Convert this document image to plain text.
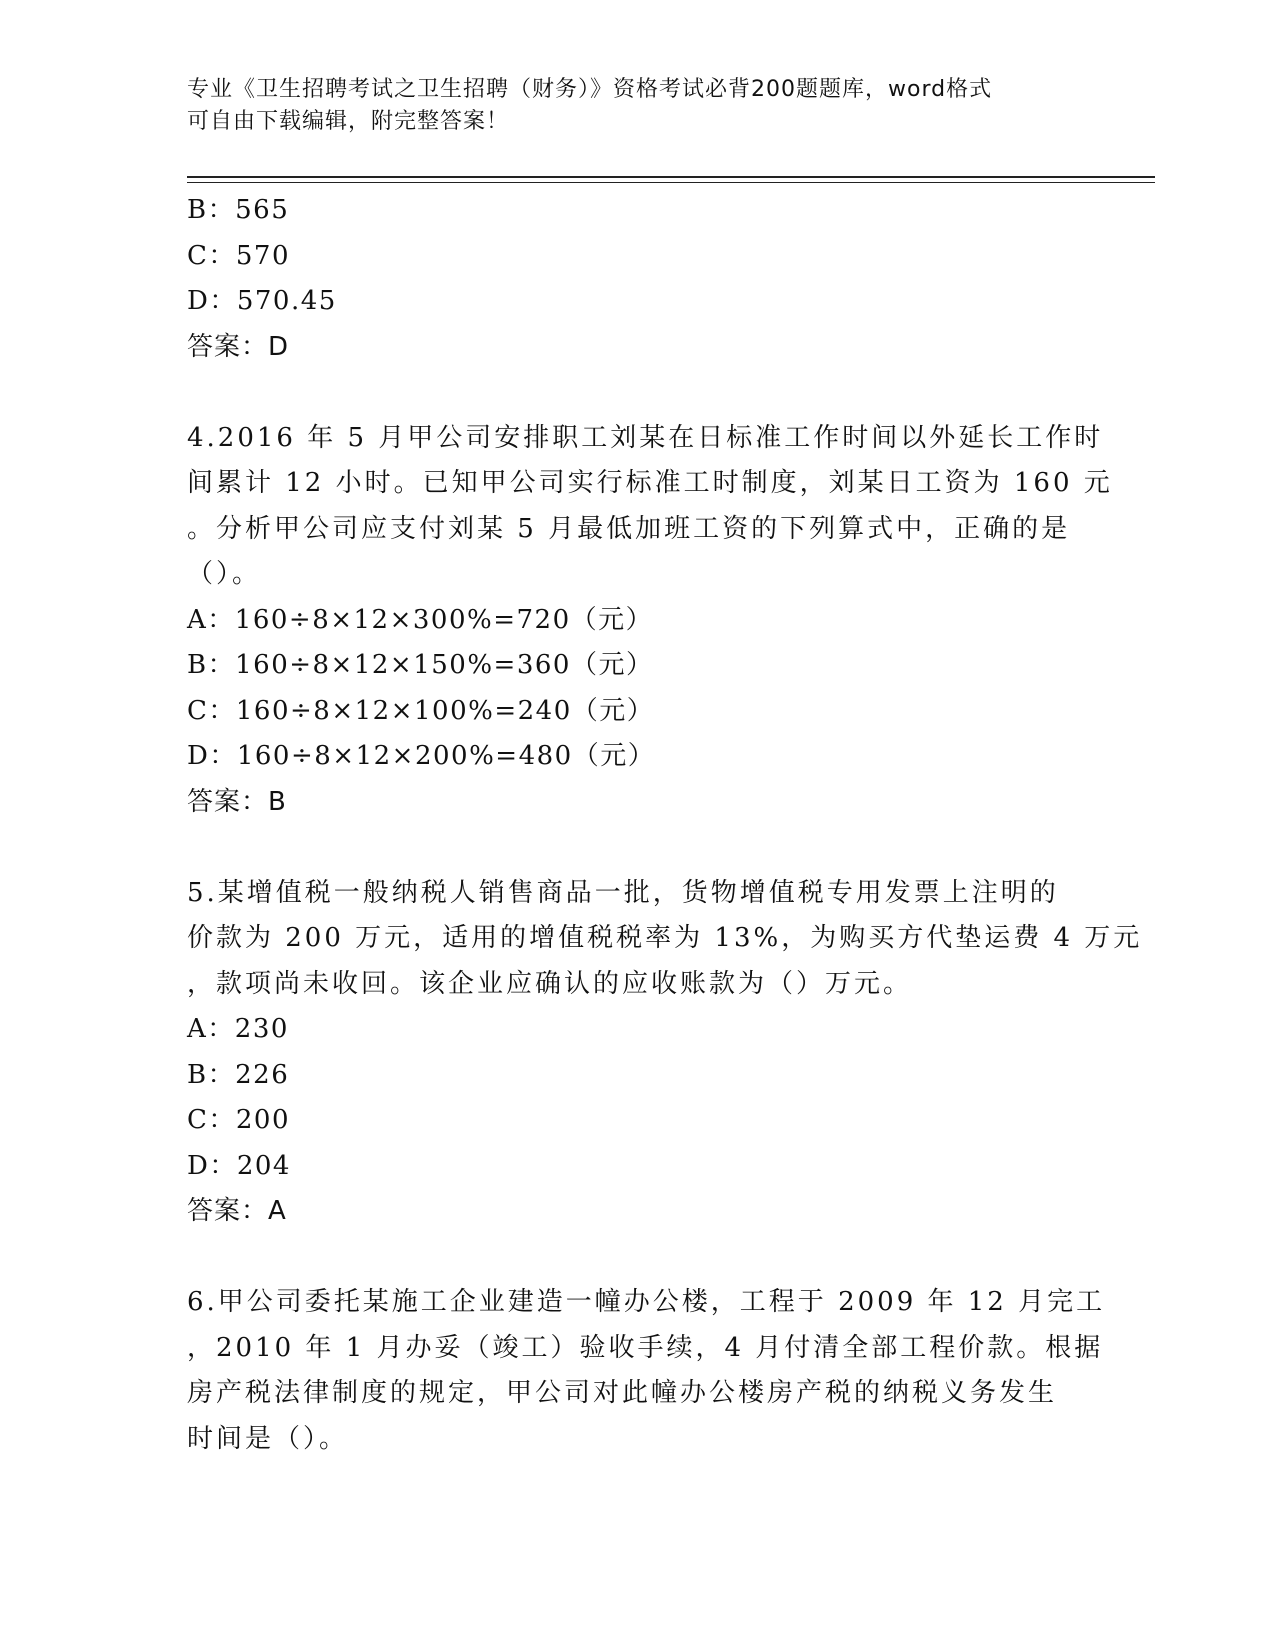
专业《卫生招聘考试之卫生招聘（财务）》资格考试必背200题题库，word格式
可自由下载编辑，附完整答案！
B：565
C：570
D：570.45
答案：D
4.2016 年 5 月甲公司安排职工刘某在日标准工作时间以外延长工作时
间累计 12 小时。已知甲公司实行标准工时制度，刘某日工资为 160 元
。分析甲公司应支付刘某 5 月最低加班工资的下列算式中，正确的是
（）。
A：160÷8×12×300%=720（元）
B：160÷8×12×150%=360（元）
C：160÷8×12×100%=240（元）
D：160÷8×12×200%=480（元）
答案：B
5.某增值税一般纳税人销售商品一批，货物增值税专用发票上注明的
价款为 200 万元，适用的增值税税率为 13%，为购买方代垫运费 4 万元
，款项尚未收回。该企业应确认的应收账款为（）万元。
A：230
B：226
C：200
D：204
答案：A
6.甲公司委托某施工企业建造一幢办公楼，工程于 2009 年 12 月完工
，2010 年 1 月办妥（竣工）验收手续，4 月付清全部工程价款。根据
房产税法律制度的规定，甲公司对此幢办公楼房产税的纳税义务发生
时间是（）。
